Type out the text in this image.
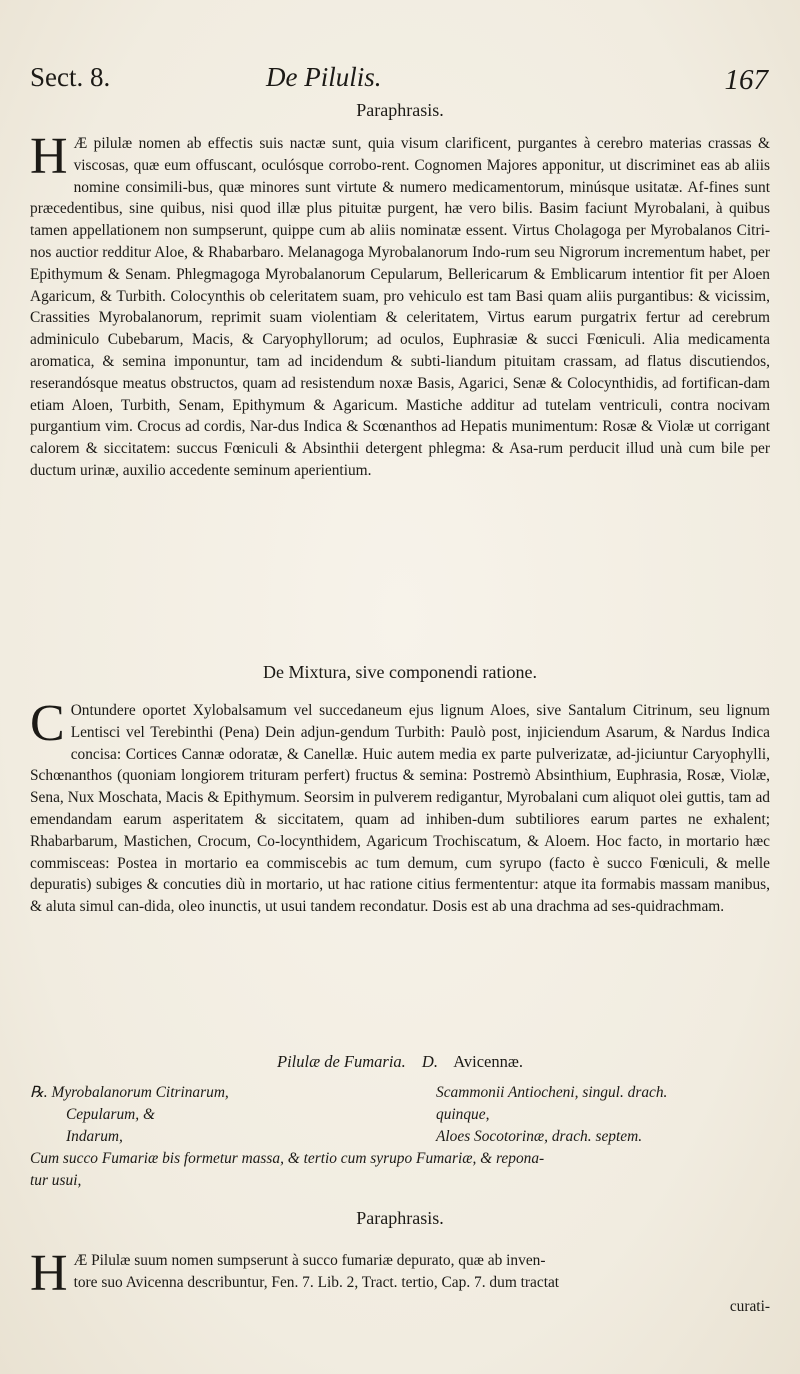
Sect. 8.	De Pilulis.	167
Paraphrasis.
H Æ pilulæ nomen ab effectis suis nactæ sunt, quia visum clarificent, purgantes à cerebro materias crassas & viscosas, quæ eum offuscant, oculósque corrobo-rent. Cognomen Majores apponitur, ut discriminet eas ab aliis nomine consimili-bus, quæ minores sunt virtute & numero medicamentorum, minúsque usitatæ. Af-fines sunt præcedentibus, sine quibus, nisi quod illæ plus pituitæ purgent, hæ vero bilis. Basim faciunt Myrobalani, à quibus tamen appellationem non sumpserunt, quippe cum ab aliis nominatæ essent. Virtus Cholagoga per Myrobalanos Citri-nos auctior redditur Aloe, & Rhabarbaro. Melanagoga Myrobalanorum Indo-rum seu Nigrorum incrementum habet, per Epithymum & Senam. Phlegmagoga Myrobalanorum Cepularum, Bellericarum & Emblicarum intentior fit per Aloen Agaricum, & Turbith. Colocynthis ob celeritatem suam, pro vehiculo est tam Basi quam aliis purgantibus: & vicissim, Crassities Myrobalanorum, reprimit suam violentiam & celeritatem, Virtus earum purgatrix fertur ad cerebrum adminiculo Cubebarum, Macis, & Caryophyllorum; ad oculos, Euphrasiæ & succi Fœniculi. Alia medicamenta aromatica, & semina imponuntur, tam ad incidendum & subti-liandum pituitam crassam, ad flatus discutiendos, reserandósque meatus obstructos, quam ad resistendum noxæ Basis, Agarici, Senæ & Colocynthidis, ad fortifican-dam etiam Aloen, Turbith, Senam, Epithymum & Agaricum. Mastiche additur ad tutelam ventriculi, contra nocivam purgantium vim. Crocus ad cordis, Nar-dus Indica & Scœnanthos ad Hepatis munimentum: Rosæ & Violæ ut corrigant calorem & siccitatem: succus Fœniculi & Absinthii detergent phlegma: & Asa-rum perducit illud unà cum bile per ductum urinæ, auxilio accedente seminum aperientium.
De Mixtura, sive componendi ratione.
C Ontundere oportet Xylobalsamum vel succedaneum ejus lignum Aloes, sive Santalum Citrinum, seu lignum Lentisci vel Terebinthi (Pena) Dein adjun-gendum Turbith: Paulò post, injiciendum Asarum, & Nardus Indica concisa: Cortices Cannæ odoratæ, & Canellæ. Huic autem media ex parte pulverizatæ, ad-jiciuntur Caryophylli, Schœnanthos (quoniam longiorem trituram perfert) fructus & semina: Postremò Absinthium, Euphrasia, Rosæ, Violæ, Sena, Nux Moschata, Macis & Epithymum. Seorsim in pulverem redigantur, Myrobalani cum aliquot olei guttis, tam ad emendandam earum asperitatem & siccitatem, quam ad inhiben-dum subtiliores earum partes ne exhalent; Rhabarbarum, Mastichen, Crocum, Co-locynthidem, Agaricum Trochiscatum, & Aloem. Hoc facto, in mortario hæc commisceas: Postea in mortario ea commiscebis ac tum demum, cum syrupo (facto è succo Fœniculi, & melle depuratis) subiges & concuties diù in mortario, ut hac ratione citius fermententur: atque ita formabis massam manibus, & aluta simul can-dida, oleo inunctis, ut usui tandem recondatur. Dosis est ab una drachma ad ses-quidrachmam.
Pilulæ de Fumaria. D. Avicennæ.
℞. Myrobalanorum Citrinarum,
Cepularum, &
Indarum,
Scammonii Antiocheni, singul. drach.
quinque,
Aloes Socotorinæ, drach. septem.
Cum succo Fumariæ bis formetur massa, & tertio cum syrupo Fumariæ, & repona-
tur usui,
Paraphrasis.
H Æ Pilulæ suum nomen sumpserunt à succo fumariæ depurato, quæ ab inven-
tore suo Avicenna describuntur, Fen. 7. Lib. 2, Tract. tertio, Cap. 7. dum tractat
curati-
